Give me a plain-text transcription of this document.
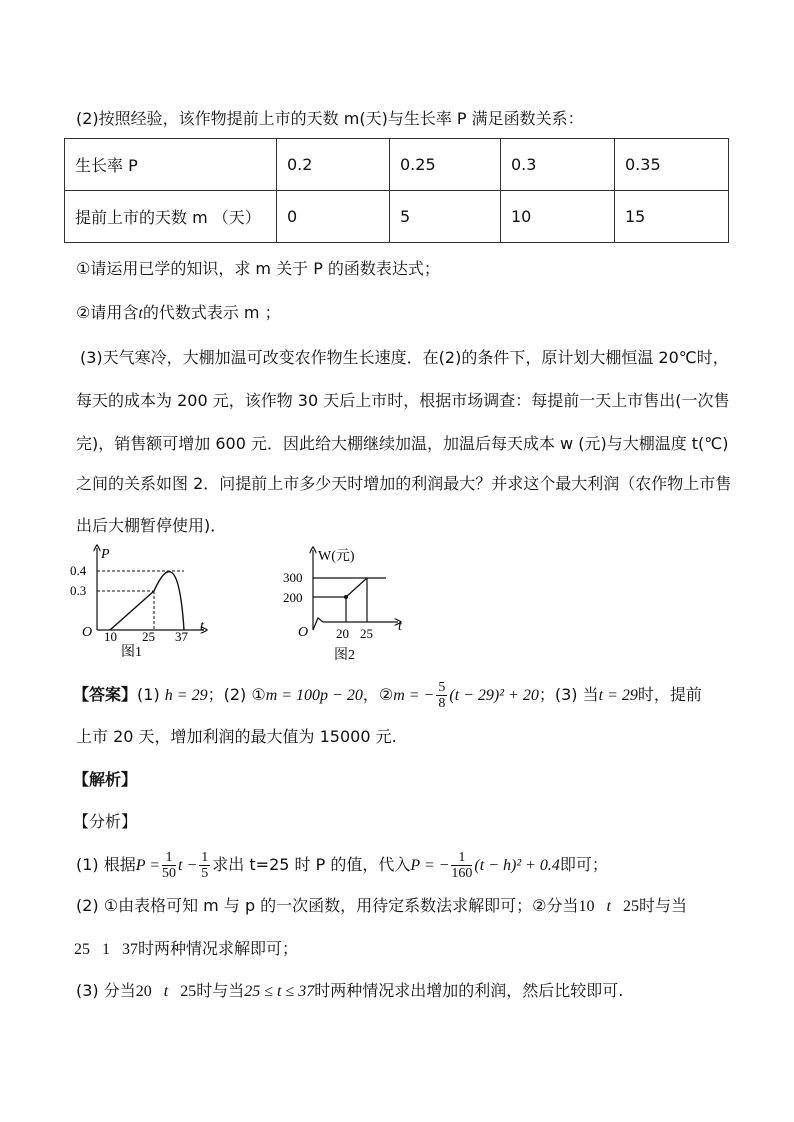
(2)按照经验，该作物提前上市的天数 m(天)与生长率 P 满足函数关系：
生长率 P	0.2	0.25	0.3	0.35
提前上市的天数 m （天）	0	5	10	15
①请运用已学的知识，求 m 关于 P 的函数表达式；
②请用含t的代数式表示 m ；
(3)天气寒冷，大棚加温可改变农作物生长速度．在(2)的条件下，原计划大棚恒温 20℃时，
每天的成本为 200 元，该作物 30 天后上市时，根据市场调查：每提前一天上市售出(一次售
完)，销售额可增加 600 元．因此给大棚继续加温，加温后每天成本 w (元)与大棚温度 t(℃)
之间的关系如图 2．问提前上市多少天时增加的利润最大？并求这个最大利润（农作物上市售
出后大棚暂停使用)．
P
O	t
0.4
0.3
10 25 37
图1
W(元)
O	t
300
200
20 25
图2
【答案】(1) h = 29；(2) ①m = 100p − 20，②m = − $\frac{5}{8} (t - 29)^2 + 20$；(3) 当t = 29时，提前
上市 20 天，增加利润的最大值为 15000 元.
【解析】
【分析】
(1) 根据$P = \frac{1}{50}$ $t - \frac{1}{5}$ 求出 t=25 时 P 的值，代入P = − $\frac{1}{160} (t - h)^2 + 0.4$即可；
(2) ①由表格可知 m 与 p 的一次函数，用待定系数法求解即可；②分当10 t 25时与当
25 1 37时两种情况求解即可；
(3) 分当20 t 25时与当25 ≤ t ≤ 37时两种情况求出增加的利润，然后比较即可.
